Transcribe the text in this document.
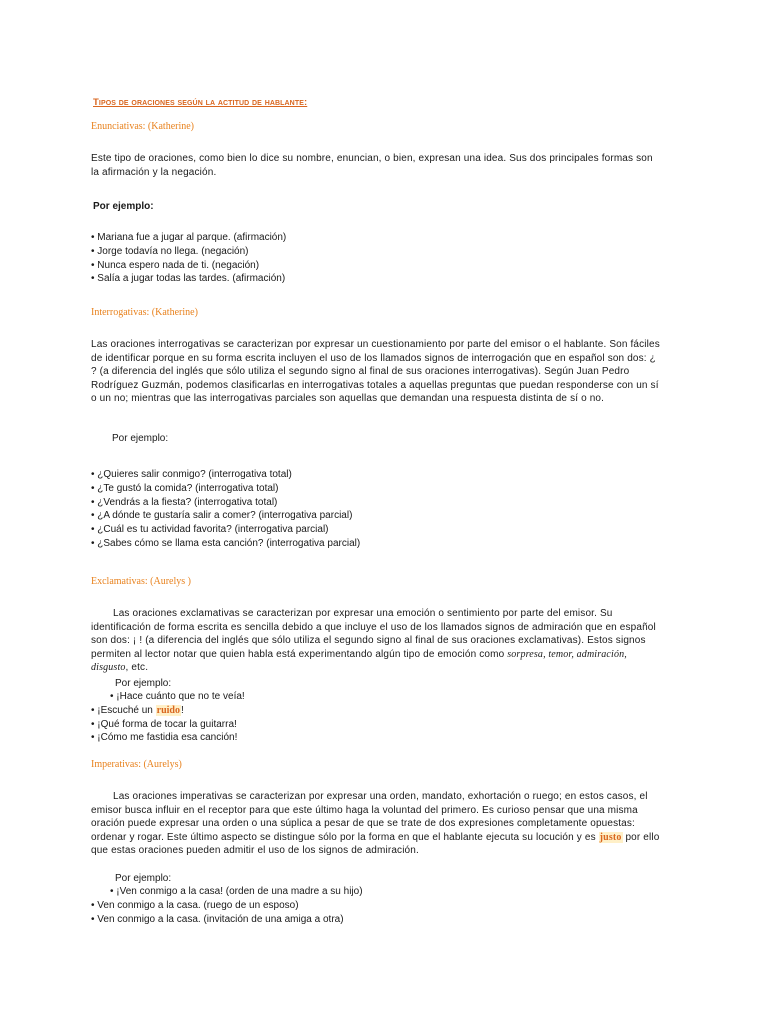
Tipos de oraciones según la actitud de hablante:

Enunciativas: (Katherine)

Este tipo de oraciones, como bien lo dice su nombre, enuncian, o bien, expresan una idea. Sus dos principales formas son la afirmación y la negación.

Por ejemplo:

• Mariana fue a jugar al parque. (afirmación)
• Jorge todavía no llega. (negación)
• Nunca espero nada de ti. (negación)
• Salía a jugar todas las tardes. (afirmación)

Interrogativas: (Katherine)

Las oraciones interrogativas se caracterizan por expresar un cuestionamiento por parte del emisor o el hablante. Son fáciles de identificar porque en su forma escrita incluyen el uso de los llamados signos de interrogación que en español son dos: ¿ ? (a diferencia del inglés que sólo utiliza el segundo signo al final de sus oraciones interrogativas). Según Juan Pedro Rodríguez Guzmán, podemos clasificarlas en interrogativas totales a aquellas preguntas que puedan responderse con un sí o un no; mientras que las interrogativas parciales son aquellas que demandan una respuesta distinta de sí o no.

Por ejemplo:

• ¿Quieres salir conmigo? (interrogativa total)
• ¿Te gustó la comida? (interrogativa total)
• ¿Vendrás a la fiesta? (interrogativa total)
• ¿A dónde te gustaría salir a comer? (interrogativa parcial)
• ¿Cuál es tu actividad favorita? (interrogativa parcial)
• ¿Sabes cómo se llama esta canción? (interrogativa parcial)

Exclamativas: (Aurelys )

Las oraciones exclamativas se caracterizan por expresar una emoción o sentimiento por parte del emisor. Su identificación de forma escrita es sencilla debido a que incluye el uso de los llamados signos de admiración que en español son dos: ¡ ! (a diferencia del inglés que sólo utiliza el segundo signo al final de sus oraciones exclamativas). Estos signos permiten al lector notar que quien habla está experimentando algún tipo de emoción como sorpresa, temor, admiración, disgusto, etc.

Por ejemplo:

• ¡Hace cuánto que no te veía!
• ¡Escuché un ruido!
• ¡Qué forma de tocar la guitarra!
• ¡Cómo me fastidia esa canción!

Imperativas: (Aurelys)

Las oraciones imperativas se caracterizan por expresar una orden, mandato, exhortación o ruego; en estos casos, el emisor busca influir en el receptor para que este último haga la voluntad del primero. Es curioso pensar que una misma oración puede expresar una orden o una súplica a pesar de que se trate de dos expresiones completamente opuestas: ordenar y rogar. Este último aspecto se distingue sólo por la forma en que el hablante ejecuta su locución y es justo por ello que estas oraciones pueden admitir el uso de los signos de admiración.

Por ejemplo:

• ¡Ven conmigo a la casa! (orden de una madre a su hijo)
• Ven conmigo a la casa. (ruego de un esposo)
• Ven conmigo a la casa. (invitación de una amiga a otra)
